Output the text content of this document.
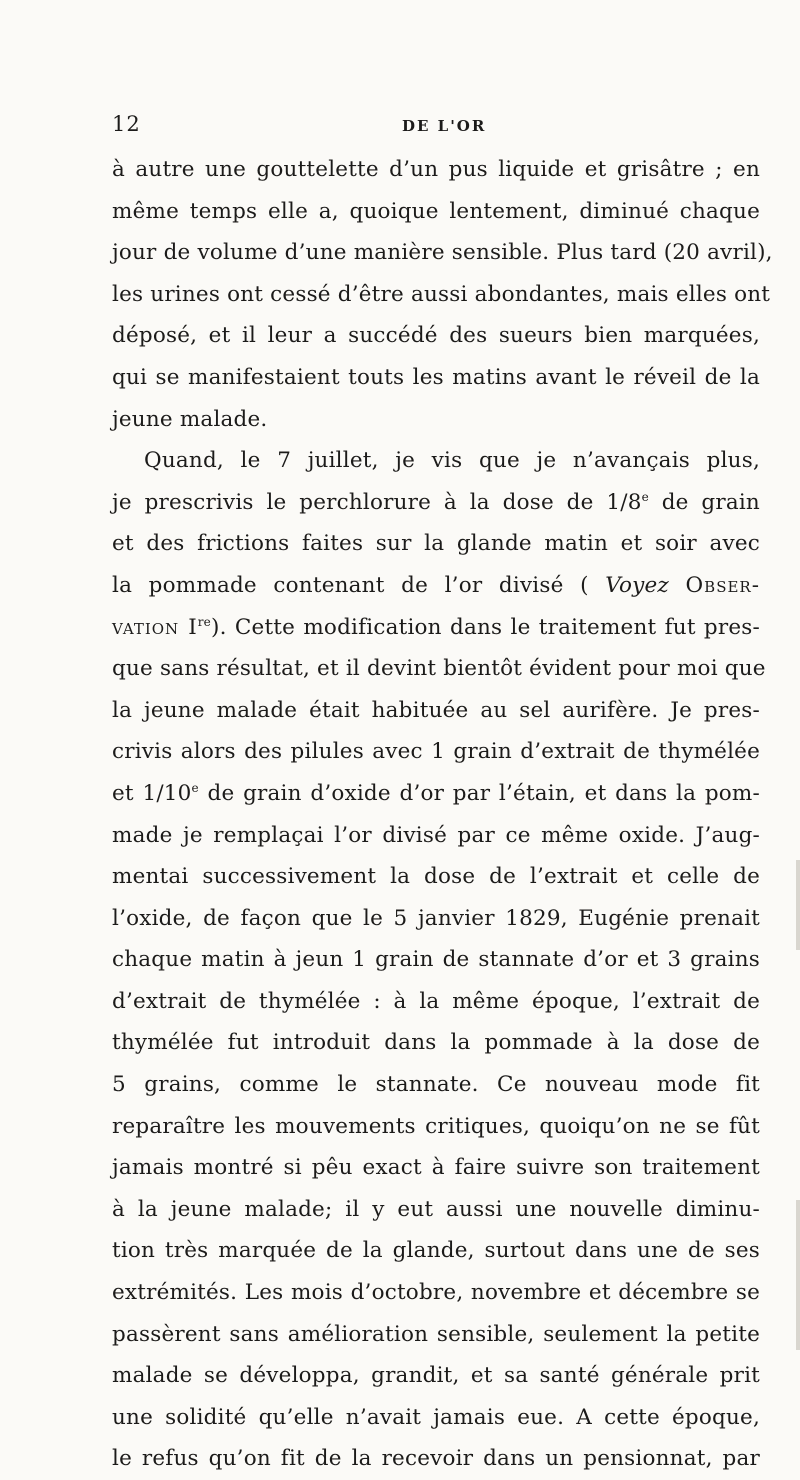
12	DE L'OR
à autre une gouttelette d’un pus liquide et grisâtre ; en
même temps elle a, quoique lentement, diminué chaque
jour de volume d’une manière sensible. Plus tard (20 avril),
les urines ont cessé d’être aussi abondantes, mais elles ont
déposé, et il leur a succédé des sueurs bien marquées,
qui se manifestaient touts les matins avant le réveil de la
jeune malade.
Quand, le 7 juillet, je vis que je n’avançais plus,
je prescrivis le perchlorure à la dose de 1/8e de grain
et des frictions faites sur la glande matin et soir avec
la pommade contenant de l’or divisé ( Voyez Obser-
vation Ire). Cette modification dans le traitement fut pres-
que sans résultat, et il devint bientôt évident pour moi que
la jeune malade était habituée au sel aurifère. Je pres-
crivis alors des pilules avec 1 grain d’extrait de thymélée
et 1/10e de grain d’oxide d’or par l’étain, et dans la pom-
made je remplaçai l’or divisé par ce même oxide. J’aug-
mentai successivement la dose de l’extrait et celle de
l’oxide, de façon que le 5 janvier 1829, Eugénie prenait
chaque matin à jeun 1 grain de stannate d’or et 3 grains
d’extrait de thymélée : à la même époque, l’extrait de
thymélée fut introduit dans la pommade à la dose de
5 grains, comme le stannate. Ce nouveau mode fit
reparaître les mouvements critiques, quoiqu’on ne se fût
jamais montré si pêu exact à faire suivre son traitement
à la jeune malade; il y eut aussi une nouvelle diminu-
tion très marquée de la glande, surtout dans une de ses
extrémités. Les mois d’octobre, novembre et décembre se
passèrent sans amélioration sensible, seulement la petite
malade se développa, grandit, et sa santé générale prit
une solidité qu’elle n’avait jamais eue. A cette époque,
le refus qu’on fit de la recevoir dans un pensionnat, par
